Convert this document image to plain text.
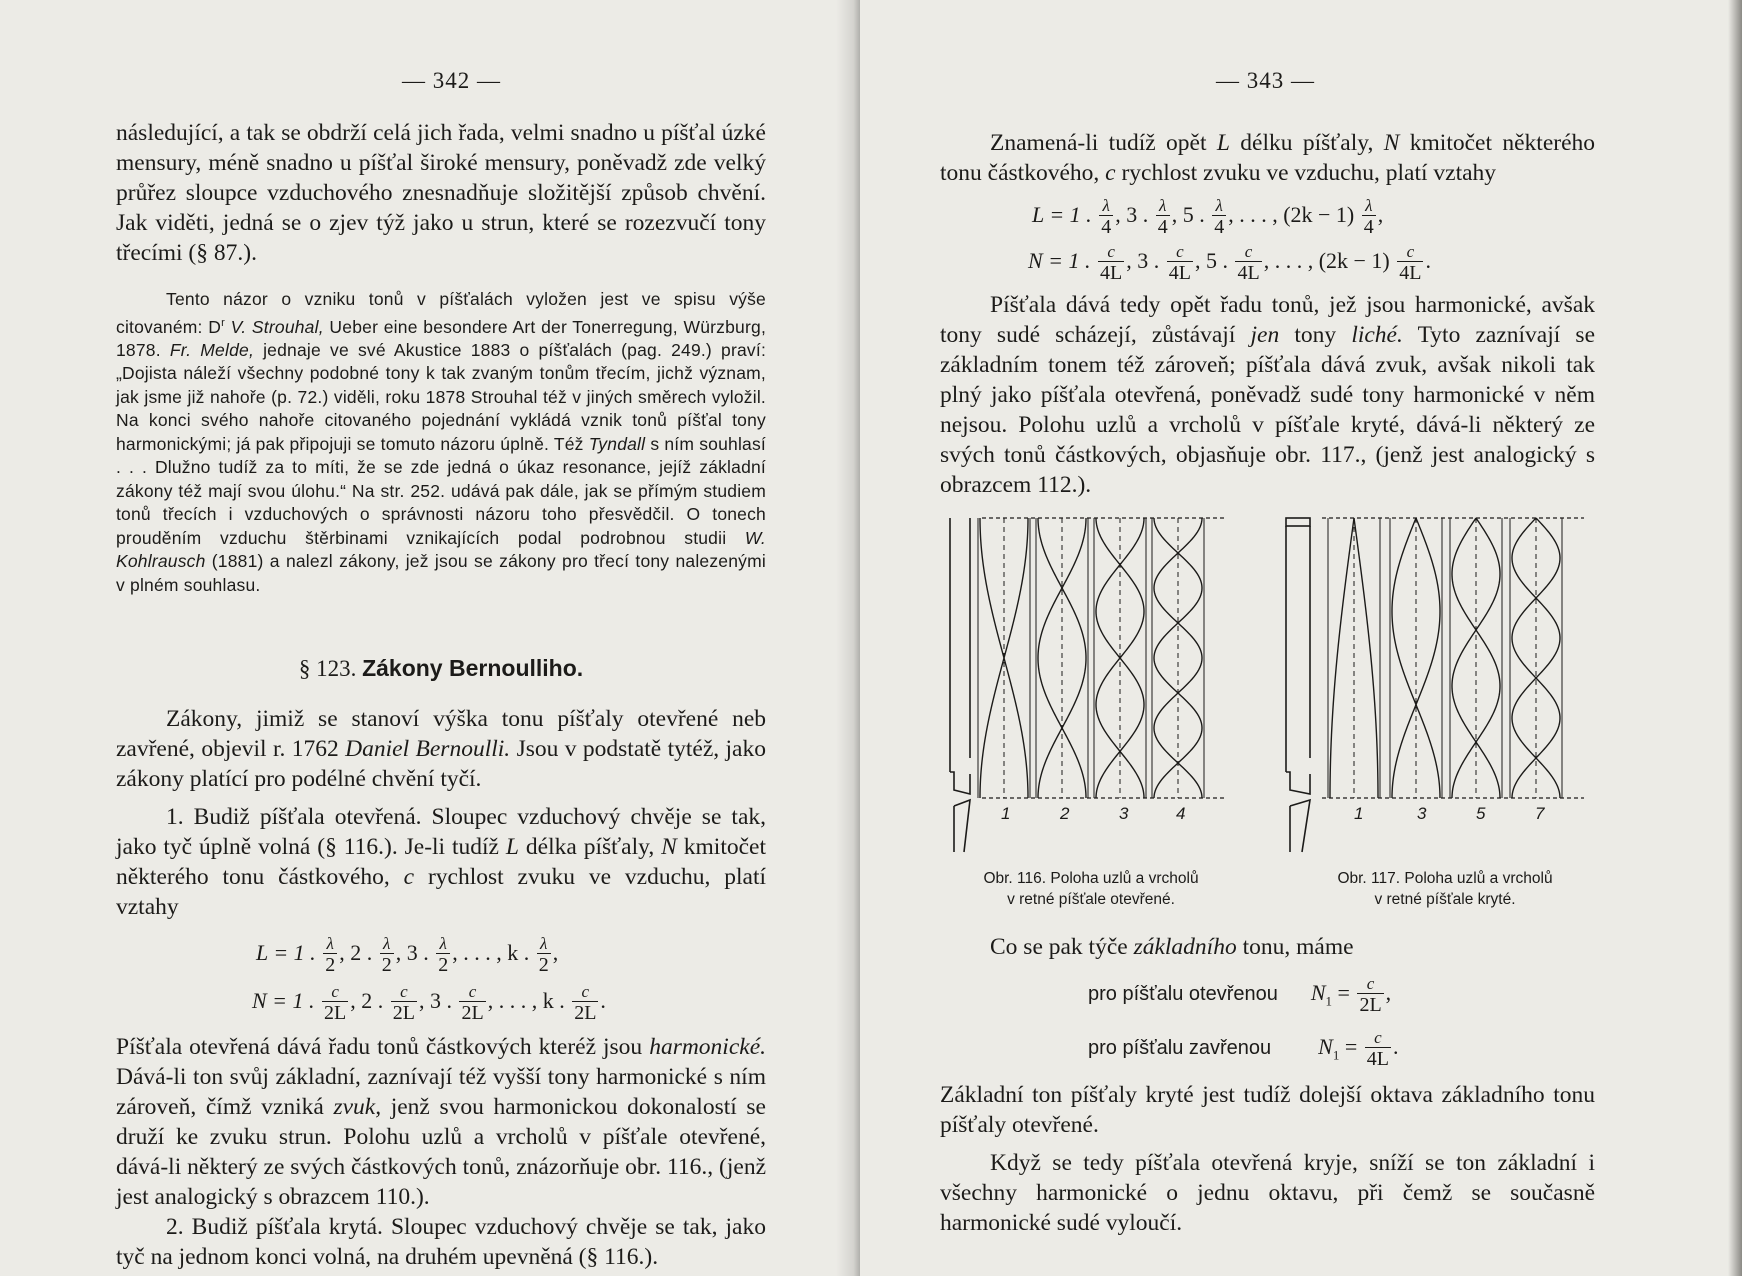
— 342 —

následující, a tak se obdrží celá jich řada, velmi snadno u píšťal úzké mensury, méně snadno u píšťal široké mensury, poněvadž zde velký průřez sloupce vzduchového znesnadňuje složitější způsob chvění. Jak viděti, jedná se o zjev týž jako u strun, které se rozezvučí tony třecími (§ 87.).

Tento názor o vzniku tonů v píšťalách vyložen jest ve spisu výše citovaném: $D^r$ V. Strouhal, Ueber eine besondere Art der Tonerregung, Würzburg, 1878. Fr. Melde, jednaje ve své Akustice 1883 o píšťalách (pag. 249.) praví: „Dojista náleží všechny podobné tony k tak zvaným tonům třecím, jichž význam, jak jsme již nahoře (p. 72.) viděli, roku 1878 Strouhal též v jiných směrech vyložil. Na konci svého nahoře citovaného pojednání vykládá vznik tonů píšťal tony harmonickými; já pak připojuji se tomuto názoru úplně. Též Tyndall s ním souhlasí . . . Dlužno tudíž za to míti, že se zde jedná o úkaz resonance, jejíž základní zákony též mají svou úlohu.“ Na str. 252. udává pak dále, jak se přímým studiem tonů třecích i vzduchových o správnosti názoru toho přesvědčil. O tonech prouděním vzduchu štěrbinami vznikajících podal podrobnou studii W. Kohlrausch (1881) a nalezl zákony, jež jsou se zákony pro třecí tony nalezenými v plném souhlasu.

§ 123. Zákony Bernoulliho.

Zákony, jimiž se stanoví výška tonu píšťaly otevřené neb zavřené, objevil r. 1762 Daniel Bernoulli. Jsou v podstatě tytéž, jako zákony platící pro podélné chvění tyčí.

1. Budiž píšťala otevřená. Sloupec vzduchový chvěje se tak, jako tyč úplně volná (§ 116.). Je-li tudíž L délka píšťaly, N kmitočet některého tonu částkového, c rychlost zvuku ve vzduchu, platí vztahy

L = 1 . $\frac{\lambda}{2}$ , 2 . $\frac{\lambda}{2}$ , 3 . $\frac{\lambda}{2}$ , . . . , k . $\frac{\lambda}{2}$ ,
N = 1 . $\frac{c}{2L}$ , 2 . $\frac{c}{2L}$ , 3 . $\frac{c}{2L}$ , . . . , k . $\frac{c}{2L}$ .

Píšťala otevřená dává řadu tonů částkových kteréž jsou harmonické. Dává-li ton svůj základní, zaznívají též vyšší tony harmonické s ním zároveň, čímž vzniká zvuk, jenž svou harmonickou dokonalostí se druží ke zvuku strun. Polohu uzlů a vrcholů v píšťale otevřené, dává-li některý ze svých částkových tonů, znázorňuje obr. 116., (jenž jest analogický s obrazcem 110.).

2. Budiž píšťala krytá. Sloupec vzduchový chvěje se tak, jako tyč na jednom konci volná, na druhém upevněná (§ 116.).

— 343 —

Znamená-li tudíž opět L délku píšťaly, N kmitočet některého tonu částkového, c rychlost zvuku ve vzduchu, platí vztahy

L = 1 . $\frac{\lambda}{4}$ , 3 . $\frac{\lambda}{4}$ , 5 . $\frac{\lambda}{4}$ , . . . , $(2k - 1) \frac{\lambda}{4}$ ,
N = 1 . $\frac{c}{4L}$ , 3 . $\frac{c}{4L}$ , 5 . $\frac{c}{4L}$ , . . . , $(2k - 1) \frac{c}{4L}$ .

Píšťala dává tedy opět řadu tonů, jež jsou harmonické, avšak tony sudé scházejí, zůstávají jen tony liché. Tyto zaznívají se základním tonem též zároveň; píšťala dává zvuk, avšak nikoli tak plný jako píšťala otevřená, poněvadž sudé tony harmonické v něm nejsou. Polohu uzlů a vrcholů v píšťale kryté, dává-li některý ze svých tonů částkových, objasňuje obr. 117., (jenž jest analogický s obrazcem 112.).

1	2	3	4	1	3	5	7
Obr. 116. Poloha uzlů a vrcholů
v retné píšťale otevřené.
Obr. 117. Poloha uzlů a vrcholů
v retné píšťale kryté.

Co se pak týče základního tonu, máme

pro píšťalu otevřenou $N_1 = \frac{c}{2L}$ ,
pro píšťalu zavřenou $N_1 = \frac{c}{4L}$ .

Základní ton píšťaly kryté jest tudíž dolejší oktava základního tonu píšťaly otevřené.

Když se tedy píšťala otevřená kryje, sníží se ton základní i všechny harmonické o jednu oktavu, při čemž se současně harmonické sudé vyloučí.
